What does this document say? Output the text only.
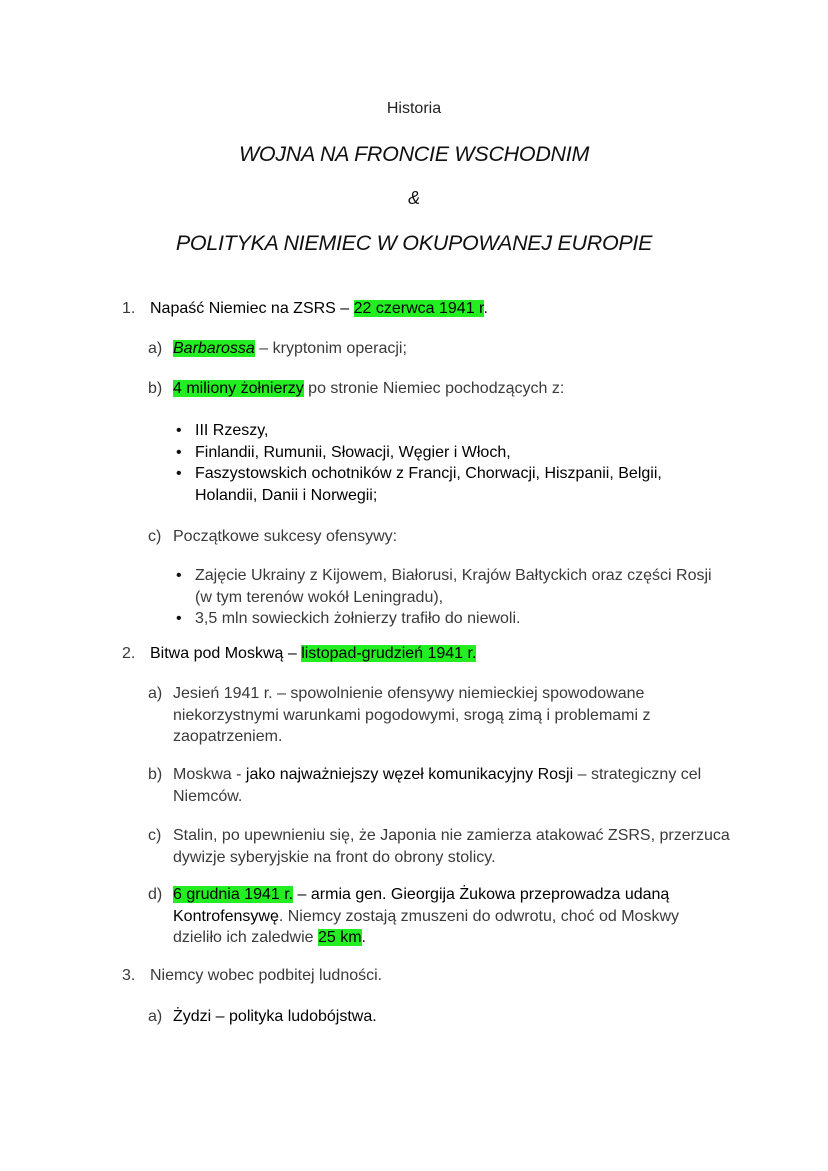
Historia
WOJNA NA FRONCIE WSCHODNIM
&
POLITYKA NIEMIEC W OKUPOWANEJ EUROPIE
1. Napaść Niemiec na ZSRS – 22 czerwca 1941 r.
a) Barbarossa – kryptonim operacji;
b) 4 miliony żołnierzy po stronie Niemiec pochodzących z:
• III Rzeszy,
• Finlandii, Rumunii, Słowacji, Węgier i Włoch,
• Faszystowskich ochotników z Francji, Chorwacji, Hiszpanii, Belgii,
Holandii, Danii i Norwegii;
c) Początkowe sukcesy ofensywy:
• Zajęcie Ukrainy z Kijowem, Białorusi, Krajów Bałtyckich oraz części Rosji
(w tym terenów wokół Leningradu),
• 3,5 mln sowieckich żołnierzy trafiło do niewoli.
2. Bitwa pod Moskwą – listopad-grudzień 1941 r.
a) Jesień 1941 r. – spowolnienie ofensywy niemieckiej spowodowane
niekorzystnymi warunkami pogodowymi, srogą zimą i problemami z
zaopatrzeniem.
b) Moskwa - jako najważniejszy węzeł komunikacyjny Rosji – strategiczny cel
Niemców.
c) Stalin, po upewnieniu się, że Japonia nie zamierza atakować ZSRS, przerzuca
dywizje syberyjskie na front do obrony stolicy.
d) 6 grudnia 1941 r. – armia gen. Gieorgija Żukowa przeprowadza udaną
Kontrofensywę. Niemcy zostają zmuszeni do odwrotu, choć od Moskwy
dzieliło ich zaledwie 25 km.
3. Niemcy wobec podbitej ludności.
a) Żydzi – polityka ludobójstwa.
